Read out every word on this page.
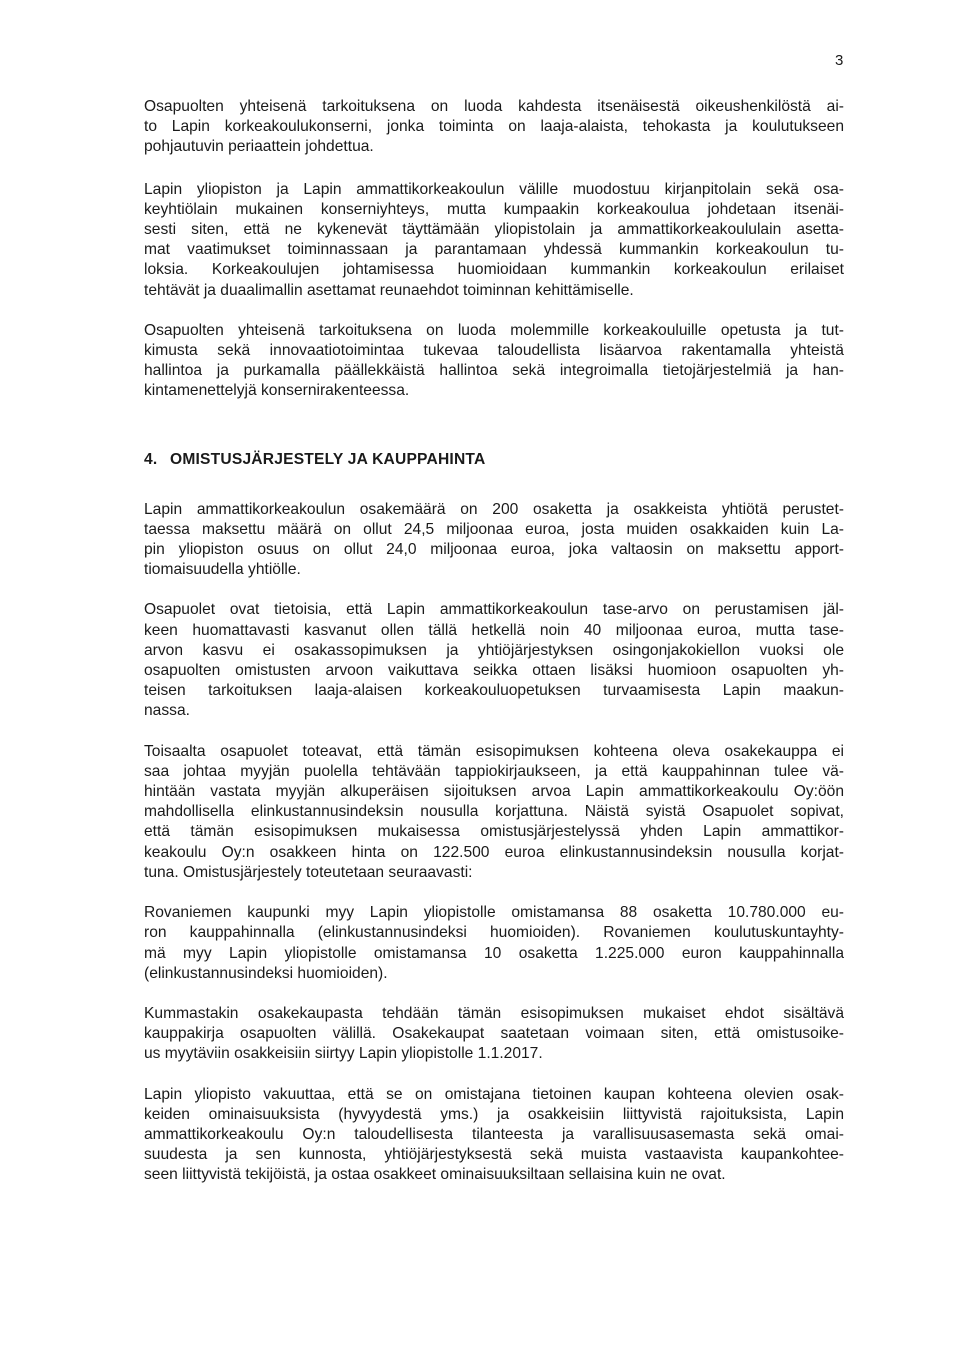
3

Osapuolten yhteisenä tarkoituksena on luoda kahdesta itsenäisestä oikeushenkilöstä ai-
to Lapin korkeakoulukonserni, jonka toiminta on laaja-alaista, tehokasta ja koulutukseen
pohjautuvin periaattein johdettua.

Lapin yliopiston ja Lapin ammattikorkeakoulun välille muodostuu kirjanpitolain sekä osa-
keyhtiölain mukainen konserniyhteys, mutta kumpaakin korkeakoulua johdetaan itsenäi-
sesti siten, että ne kykenevät täyttämään yliopistolain ja ammattikorkeakoululain asetta-
mat vaatimukset toiminnassaan ja parantamaan yhdessä kummankin korkeakoulun tu-
loksia. Korkeakoulujen johtamisessa huomioidaan kummankin korkeakoulun erilaiset
tehtävät ja duaalimallin asettamat reunaehdot toiminnan kehittämiselle.

Osapuolten yhteisenä tarkoituksena on luoda molemmille korkeakouluille opetusta ja tut-
kimusta sekä innovaatiotoimintaa tukevaa taloudellista lisäarvoa rakentamalla yhteistä
hallintoa ja purkamalla päällekkäistä hallintoa sekä integroimalla tietojärjestelmiä ja han-
kintamenettelyjä konsernirakenteessa.

4. OMISTUSJÄRJESTELY JA KAUPPAHINTA

Lapin ammattikorkeakoulun osakemäärä on 200 osaketta ja osakkeista yhtiötä perustet-
taessa maksettu määrä on ollut 24,5 miljoonaa euroa, josta muiden osakkaiden kuin La-
pin yliopiston osuus on ollut 24,0 miljoonaa euroa, joka valtaosin on maksettu apport-
tiomaisuudella yhtiölle.

Osapuolet ovat tietoisia, että Lapin ammattikorkeakoulun tase-arvo on perustamisen jäl-
keen huomattavasti kasvanut ollen tällä hetkellä noin 40 miljoonaa euroa, mutta tase-
arvon kasvu ei osakassopimuksen ja yhtiöjärjestyksen osingonjakokiellon vuoksi ole
osapuolten omistusten arvoon vaikuttava seikka ottaen lisäksi huomioon osapuolten yh-
teisen tarkoituksen laaja-alaisen korkeakouluopetuksen turvaamisesta Lapin maakun-
nassa.

Toisaalta osapuolet toteavat, että tämän esisopimuksen kohteena oleva osakekauppa ei
saa johtaa myyjän puolella tehtävään tappiokirjaukseen, ja että kauppahinnan tulee vä-
hintään vastata myyjän alkuperäisen sijoituksen arvoa Lapin ammattikorkeakoulu Oy:öön
mahdollisella elinkustannusindeksin nousulla korjattuna. Näistä syistä Osapuolet sopivat,
että tämän esisopimuksen mukaisessa omistusjärjestelyssä yhden Lapin ammattikor-
keakoulu Oy:n osakkeen hinta on 122.500 euroa elinkustannusindeksin nousulla korjat-
tuna. Omistusjärjestely toteutetaan seuraavasti:

Rovaniemen kaupunki myy Lapin yliopistolle omistamansa 88 osaketta 10.780.000 eu-
ron kauppahinnalla (elinkustannusindeksi huomioiden). Rovaniemen koulutuskuntayhty-
mä myy Lapin yliopistolle omistamansa 10 osaketta 1.225.000 euron kauppahinnalla
(elinkustannusindeksi huomioiden).

Kummastakin osakekaupasta tehdään tämän esisopimuksen mukaiset ehdot sisältävä
kauppakirja osapuolten välillä. Osakekaupat saatetaan voimaan siten, että omistusoike-
us myytäviin osakkeisiin siirtyy Lapin yliopistolle 1.1.2017.

Lapin yliopisto vakuuttaa, että se on omistajana tietoinen kaupan kohteena olevien osak-
keiden ominaisuuksista (hyvyydestä yms.) ja osakkeisiin liittyvistä rajoituksista, Lapin
ammattikorkeakoulu Oy:n taloudellisesta tilanteesta ja varallisuusasemasta sekä omai-
suudesta ja sen kunnosta, yhtiöjärjestyksestä sekä muista vastaavista kaupankohtee-
seen liittyvistä tekijöistä, ja ostaa osakkeet ominaisuuksiltaan sellaisina kuin ne ovat.
